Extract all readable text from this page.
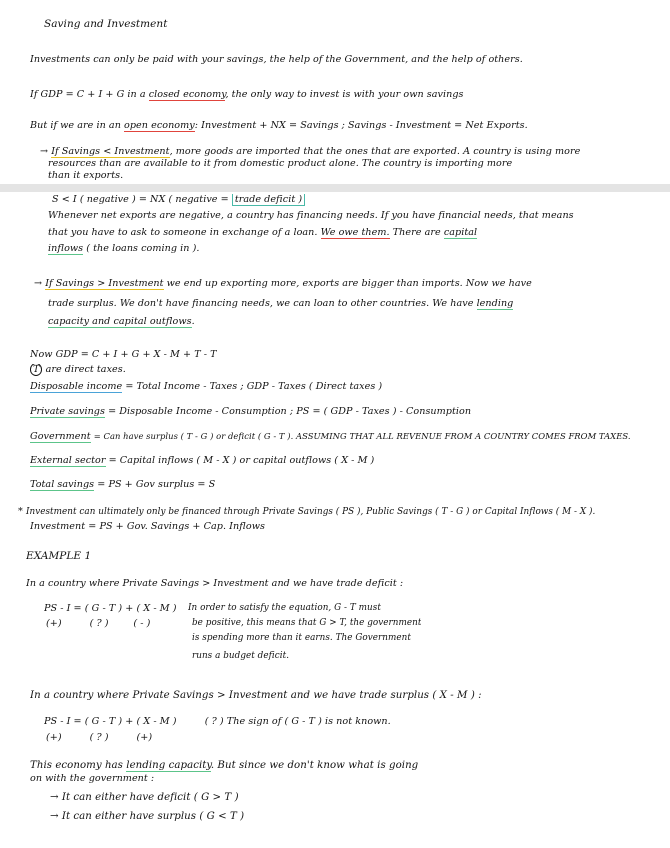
Saving and Investment
Investments can only be paid with your savings, the help of the Government, and the help of others.
If GDP = C + I + G in a closed economy, the only way to invest is with your own savings
But if we are in an open economy: Investment + NX = Savings ; Savings - Investment = Net Exports.
→ If Savings < Investment, more goods are imported that the ones that are exported. A country is using more
resources than are available to it from domestic product alone. The country is importing more
than it exports.
S < I ( negative ) = NX ( negative = trade deficit )
Whenever net exports are negative, a country has financing needs. If you have financial needs, that means
that you have to ask to someone in exchange of a loan. We owe them. There are capital
inflows ( the loans coming in ).
→ If Savings > Investment we end up exporting more, exports are bigger than imports. Now we have
trade surplus. We don't have financing needs, we can loan to other countries. We have lending
capacity and capital outflows.
Now GDP = C + I + G + X - M + T - T
T are direct taxes.
Disposable income = Total Income - Taxes ; GDP - Taxes ( Direct taxes )
Private savings = Disposable Income - Consumption ; PS = ( GDP - Taxes ) - Consumption
Government = Can have surplus ( T - G ) or deficit ( G - T ). ASSUMING THAT ALL REVENUE FROM A COUNTRY COMES FROM TAXES.
External sector = Capital inflows ( M - X ) or capital outflows ( X - M )
Total savings = PS + Gov surplus = S
* Investment can ultimately only be financed through Private Savings ( PS ), Public Savings ( T - G ) or Capital Inflows ( M - X ).
Investment = PS + Gov. Savings + Cap. Inflows
EXAMPLE 1
In a country where Private Savings > Investment and we have trade deficit :
PS - I = ( G - T ) + ( X - M )
(+)         ( ? )        ( - )
In order to satisfy the equation, G - T must
be positive, this means that G > T, the government
is spending more than it earns. The Government
runs a budget deficit.
In a country where Private Savings > Investment and we have trade surplus ( X - M ) :
PS - I = ( G - T ) + ( X - M )	( ? ) The sign of ( G - T ) is not known.
(+)         ( ? )         (+)
This economy has lending capacity. But since we don't know what is going
on with the government :
→ It can either have deficit ( G > T )
→ It can either have surplus ( G < T )
